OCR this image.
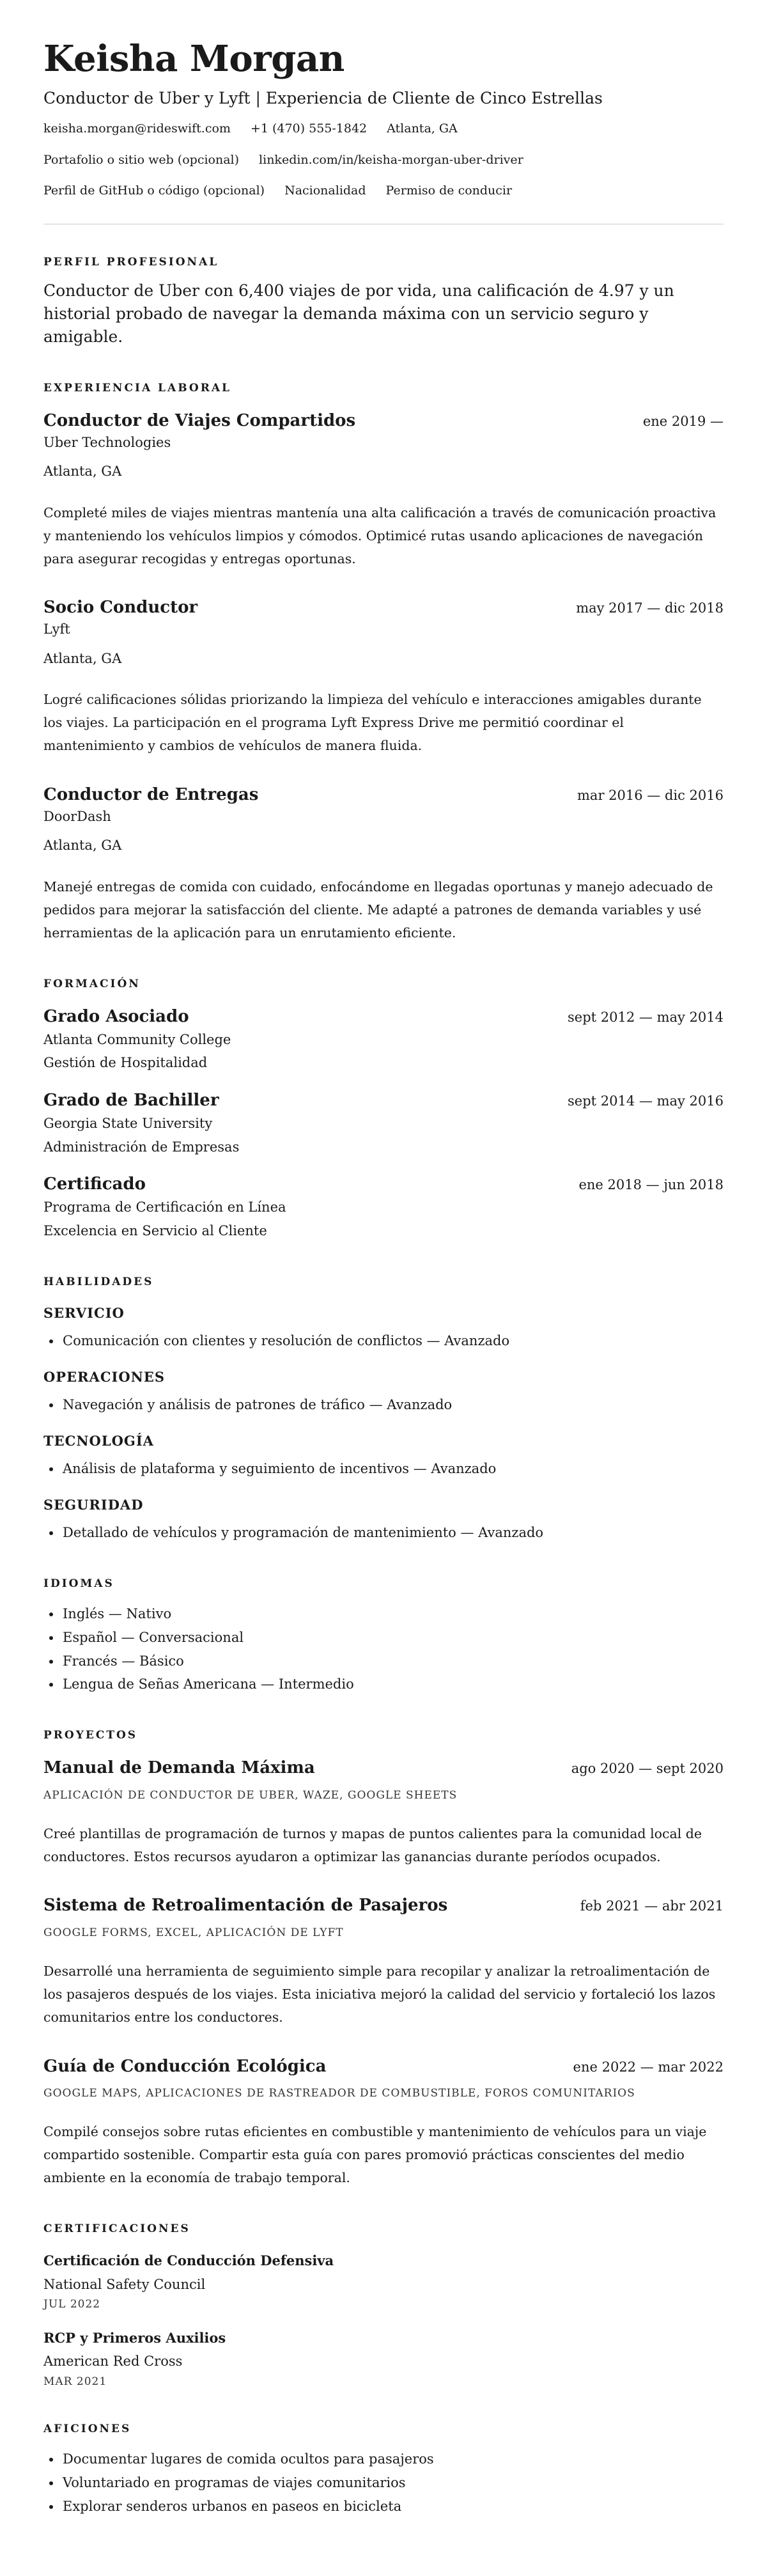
Keisha Morgan
Conductor de Uber y Lyft | Experiencia de Cliente de Cinco Estrellas
keisha.morgan@rideswift.com +1 (470) 555-1842 Atlanta, GA
Portafolio o sitio web (opcional) linkedin.com/in/keisha-morgan-uber-driver
Perfil de GitHub o código (opcional) Nacionalidad Permiso de conducir
PERFIL PROFESIONAL

Conductor de Uber con 6,400 viajes de por vida, una calificación de 4.97 y un historial probado de navegar la demanda máxima con un servicio seguro y amigable.

EXPERIENCIA LABORAL
Conductor de Viajes Compartidos	ene 2019 —
Uber Technologies
Atlanta, GA
Completé miles de viajes mientras mantenía una alta calificación a través de comunicación proactiva y manteniendo los vehículos limpios y cómodos. Optimicé rutas usando aplicaciones de navegación para asegurar recogidas y entregas oportunas.
Socio Conductor	may 2017 — dic 2018
Lyft
Atlanta, GA
Logré calificaciones sólidas priorizando la limpieza del vehículo e interacciones amigables durante los viajes. La participación en el programa Lyft Express Drive me permitió coordinar el mantenimiento y cambios de vehículos de manera fluida.
Conductor de Entregas	mar 2016 — dic 2016
DoorDash
Atlanta, GA
Manejé entregas de comida con cuidado, enfocándome en llegadas oportunas y manejo adecuado de pedidos para mejorar la satisfacción del cliente. Me adapté a patrones de demanda variables y usé herramientas de la aplicación para un enrutamiento eficiente.
FORMACIÓN
Grado Asociado	sept 2012 — may 2014
Atlanta Community College
Gestión de Hospitalidad
Grado de Bachiller	sept 2014 — may 2016
Georgia State University
Administración de Empresas
Certificado	ene 2018 — jun 2018
Programa de Certificación en Línea
Excelencia en Servicio al Cliente
HABILIDADES
SERVICIO
• Comunicación con clientes y resolución de conflictos — Avanzado
OPERACIONES
• Navegación y análisis de patrones de tráfico — Avanzado
TECNOLOGÍA
• Análisis de plataforma y seguimiento de incentivos — Avanzado
SEGURIDAD
• Detallado de vehículos y programación de mantenimiento — Avanzado
IDIOMAS
• Inglés — Nativo
• Español — Conversacional
• Francés — Básico
• Lengua de Señas Americana — Intermedio
PROYECTOS
Manual de Demanda Máxima	ago 2020 — sept 2020
APLICACIÓN DE CONDUCTOR DE UBER, WAZE, GOOGLE SHEETS
Creé plantillas de programación de turnos y mapas de puntos calientes para la comunidad local de conductores. Estos recursos ayudaron a optimizar las ganancias durante períodos ocupados.
Sistema de Retroalimentación de Pasajeros	feb 2021 — abr 2021
GOOGLE FORMS, EXCEL, APLICACIÓN DE LYFT
Desarrollé una herramienta de seguimiento simple para recopilar y analizar la retroalimentación de los pasajeros después de los viajes. Esta iniciativa mejoró la calidad del servicio y fortaleció los lazos comunitarios entre los conductores.
Guía de Conducción Ecológica	ene 2022 — mar 2022
GOOGLE MAPS, APLICACIONES DE RASTREADOR DE COMBUSTIBLE, FOROS COMUNITARIOS
Compilé consejos sobre rutas eficientes en combustible y mantenimiento de vehículos para un viaje compartido sostenible. Compartir esta guía con pares promovió prácticas conscientes del medio ambiente en la economía de trabajo temporal.
CERTIFICACIONES
Certificación de Conducción Defensiva
National Safety Council
JUL 2022
RCP y Primeros Auxilios
American Red Cross
MAR 2021
AFICIONES
• Documentar lugares de comida ocultos para pasajeros
• Voluntariado en programas de viajes comunitarios
• Explorar senderos urbanos en paseos en bicicleta
